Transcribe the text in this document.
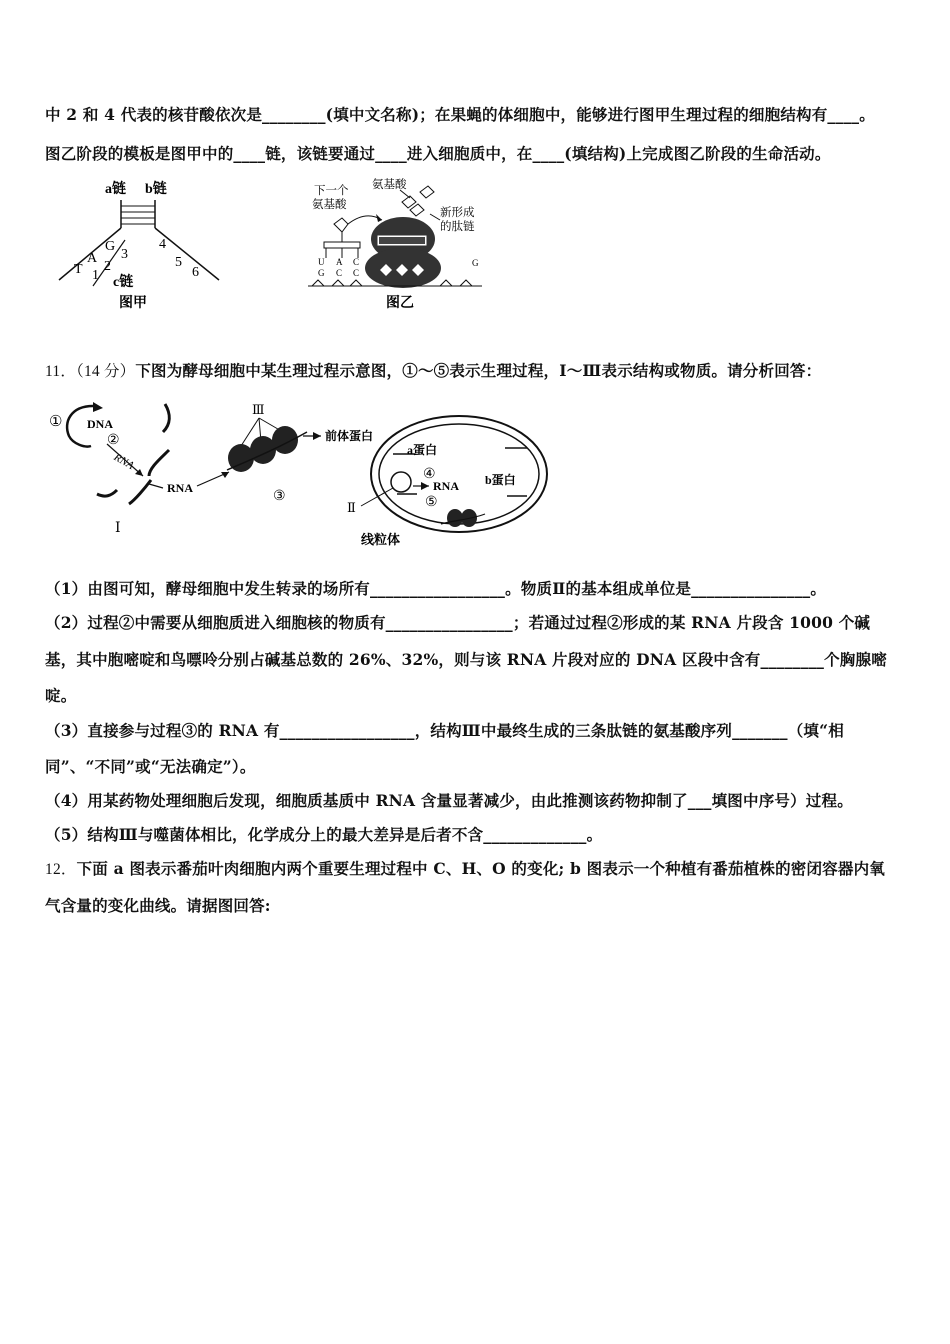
中 2 和 4 代表的核苷酸依次是________(填中文名称)；在果蝇的体细胞中，能够进行图甲生理过程的细胞结构有____。
图乙阶段的模板是图甲中的____链，该链要通过____进入细胞质中，在____(填结构)上完成图乙阶段的生命活动。
a链 b链
T
A
G
1
2
3
4
5
6
c链
图甲
下一个
氨基酸
氨基酸
新形成
的肽链
U A C
G C C
G
图乙
11．（14 分）下图为酵母细胞中某生理过程示意图，①～⑤表示生理过程，Ⅰ～Ⅲ表示结构或物质。请分析回答：
① DNA
②
RNA
Ⅰ
RNA
Ⅲ
③
前体蛋白
a蛋白
④
RNA b蛋白
⑤
Ⅱ
线粒体
（1）由图可知，酵母细胞中发生转录的场所有_________________。物质Ⅱ的基本组成单位是_______________。
（2）过程②中需要从细胞质进入细胞核的物质有________________；若通过过程②形成的某 RNA 片段含 1000 个碱
基，其中胞嘧啶和鸟嘌呤分别占碱基总数的 26%、32%，则与该 RNA 片段对应的 DNA 区段中含有________个胸腺嘧
啶。
（3）直接参与过程③的 RNA 有_________________，结构Ⅲ中最终生成的三条肽链的氨基酸序列_______（填“相
同”、“不同”或“无法确定”）。
（4）用某药物处理细胞后发现，细胞质基质中 RNA 含量显著减少，由此推测该药物抑制了___填图中序号）过程。
（5）结构Ⅲ与噬菌体相比，化学成分上的最大差异是后者不含_____________。
12．下面 a 图表示番茄叶肉细胞内两个重要生理过程中 C、H、O 的变化; b 图表示一个种植有番茄植株的密闭容器内氧
气含量的变化曲线。请据图回答:
